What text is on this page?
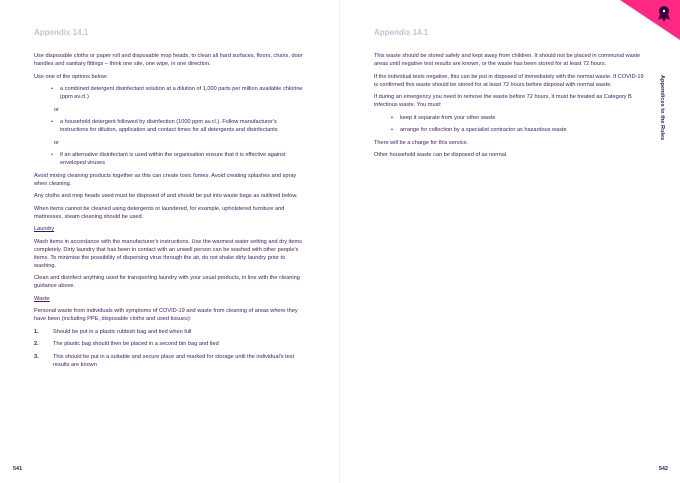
Appendix 14.1

Use disposable cloths or paper roll and disposable mop heads, to clean all hard surfaces, floors, chairs, door handles and sanitary fittings – think one site, one wipe, in one direction.

Use one of the options below:

• a combined detergent disinfectant solution at a dilution of 1,000 parts per million available chlorine (ppm av.cl.)

or

• a household detergent followed by disinfection (1000 ppm av.cl.). Follow manufacturer's instructions for dilution, application and contact times for all detergents and disinfectants

or

• if an alternative disinfectant is used within the organisation ensure that it is effective against enveloped viruses

Avoid mixing cleaning products together as this can create toxic fumes. Avoid creating splashes and spray when cleaning.

Any cloths and mop heads used must be disposed of and should be put into waste bags as outlined below.

When items cannot be cleaned using detergents or laundered, for example, upholstered furniture and mattresses, steam cleaning should be used.

Laundry

Wash items in accordance with the manufacturer's instructions. Use the warmest water setting and dry items completely. Dirty laundry that has been in contact with an unwell person can be washed with other people's items. To minimise the possibility of dispersing virus through the air, do not shake dirty laundry prior to washing.

Clean and disinfect anything used for transporting laundry with your usual products, in line with the cleaning guidance above.

Waste

Personal waste from individuals with symptoms of COVID-19 and waste from cleaning of areas where they have been (including PPE, disposable cloths and used tissues):

1.	Should be put in a plastic rubbish bag and tied when full
2.	The plastic bag should then be placed in a second bin bag and tied
3.	This should be put in a suitable and secure place and marked for storage until the individual's test results are known
541
Appendix 14.1

This waste should be stored safely and kept away from children. It should not be placed in communal waste areas until negative test results are known, or the waste has been stored for at least 72 hours.

If the individual tests negative, this can be put in disposed of immediately with the normal waste. If COVID-19 is confirmed this waste should be stored for at least 72 hours before disposal with normal waste.

If during an emergency you need to remove the waste before 72 hours, it must be treated as Category B infectious waste. You must:

• keep it separate from your other waste
• arrange for collection by a specialist contractor as hazardous waste

There will be a charge for this service.

Other household waste can be disposed of as normal.

Appendices to the Rules
542
